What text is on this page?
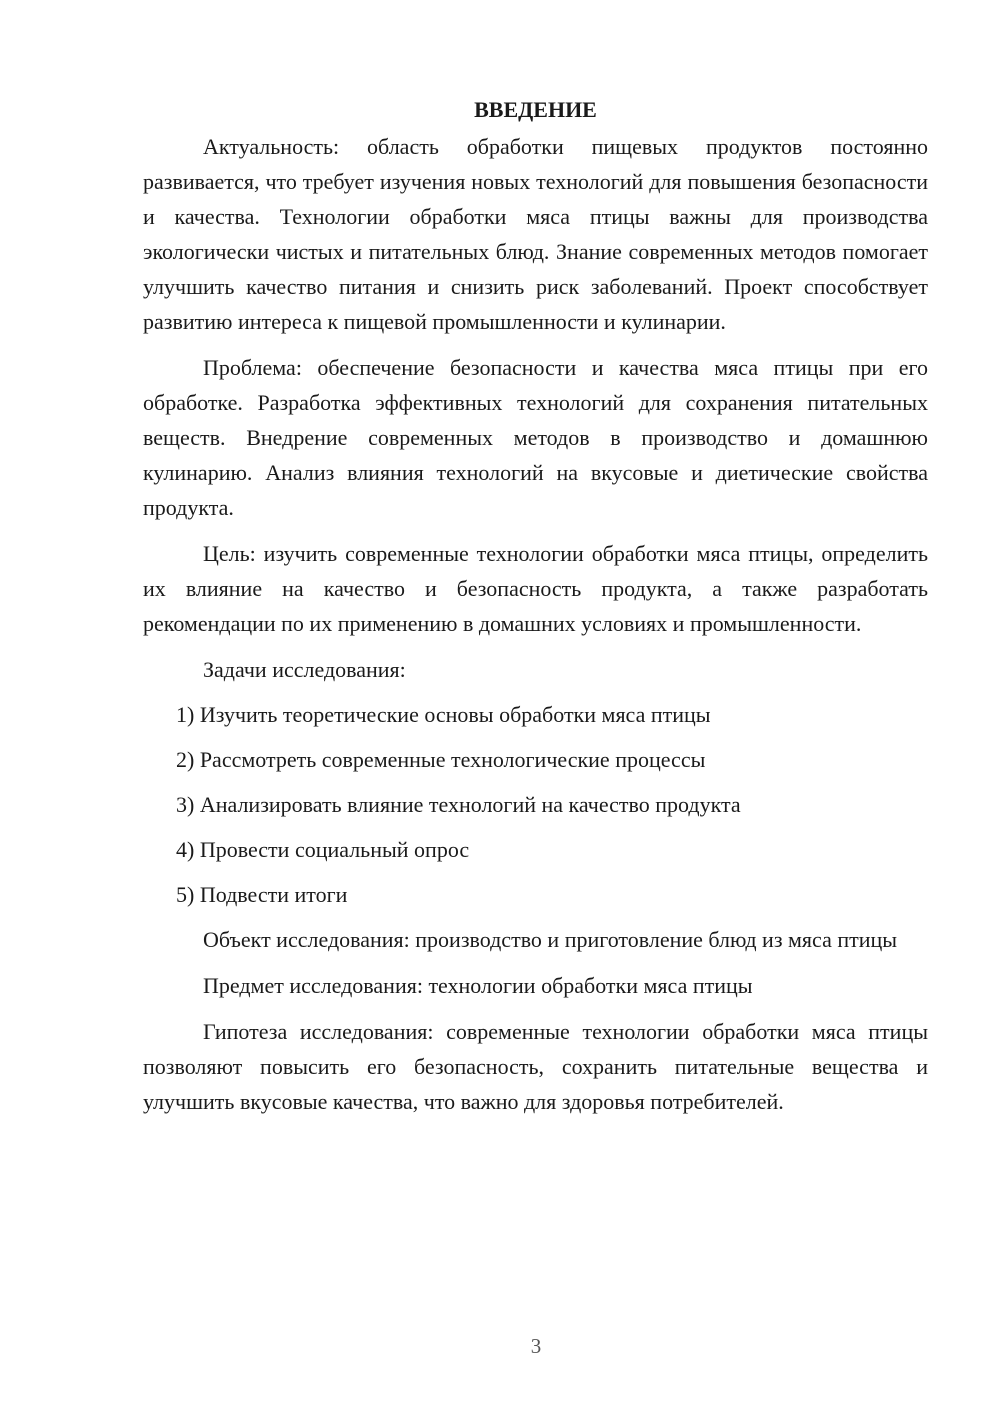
ВВЕДЕНИЕ

Актуальность: область обработки пищевых продуктов постоянно развивается, что требует изучения новых технологий для повышения безопасности и качества. Технологии обработки мяса птицы важны для производства экологически чистых и питательных блюд. Знание современных методов помогает улучшить качество питания и снизить риск заболеваний. Проект способствует развитию интереса к пищевой промышленности и кулинарии.

Проблема: обеспечение безопасности и качества мяса птицы при его обработке. Разработка эффективных технологий для сохранения питательных веществ. Внедрение современных методов в производство и домашнюю кулинарию. Анализ влияния технологий на вкусовые и диетические свойства продукта.

Цель: изучить современные технологии обработки мяса птицы, определить их влияние на качество и безопасность продукта, а также разработать рекомендации по их применению в домашних условиях и промышленности.

Задачи исследования:

1) Изучить теоретические основы обработки мяса птицы
2) Рассмотреть современные технологические процессы
3) Анализировать влияние технологий на качество продукта
4) Провести социальный опрос
5) Подвести итоги

Объект исследования: производство и приготовление блюд из мяса птицы

Предмет исследования: технологии обработки мяса птицы

Гипотеза исследования: современные технологии обработки мяса птицы позволяют повысить его безопасность, сохранить питательные вещества и улучшить вкусовые качества, что важно для здоровья потребителей.

3
